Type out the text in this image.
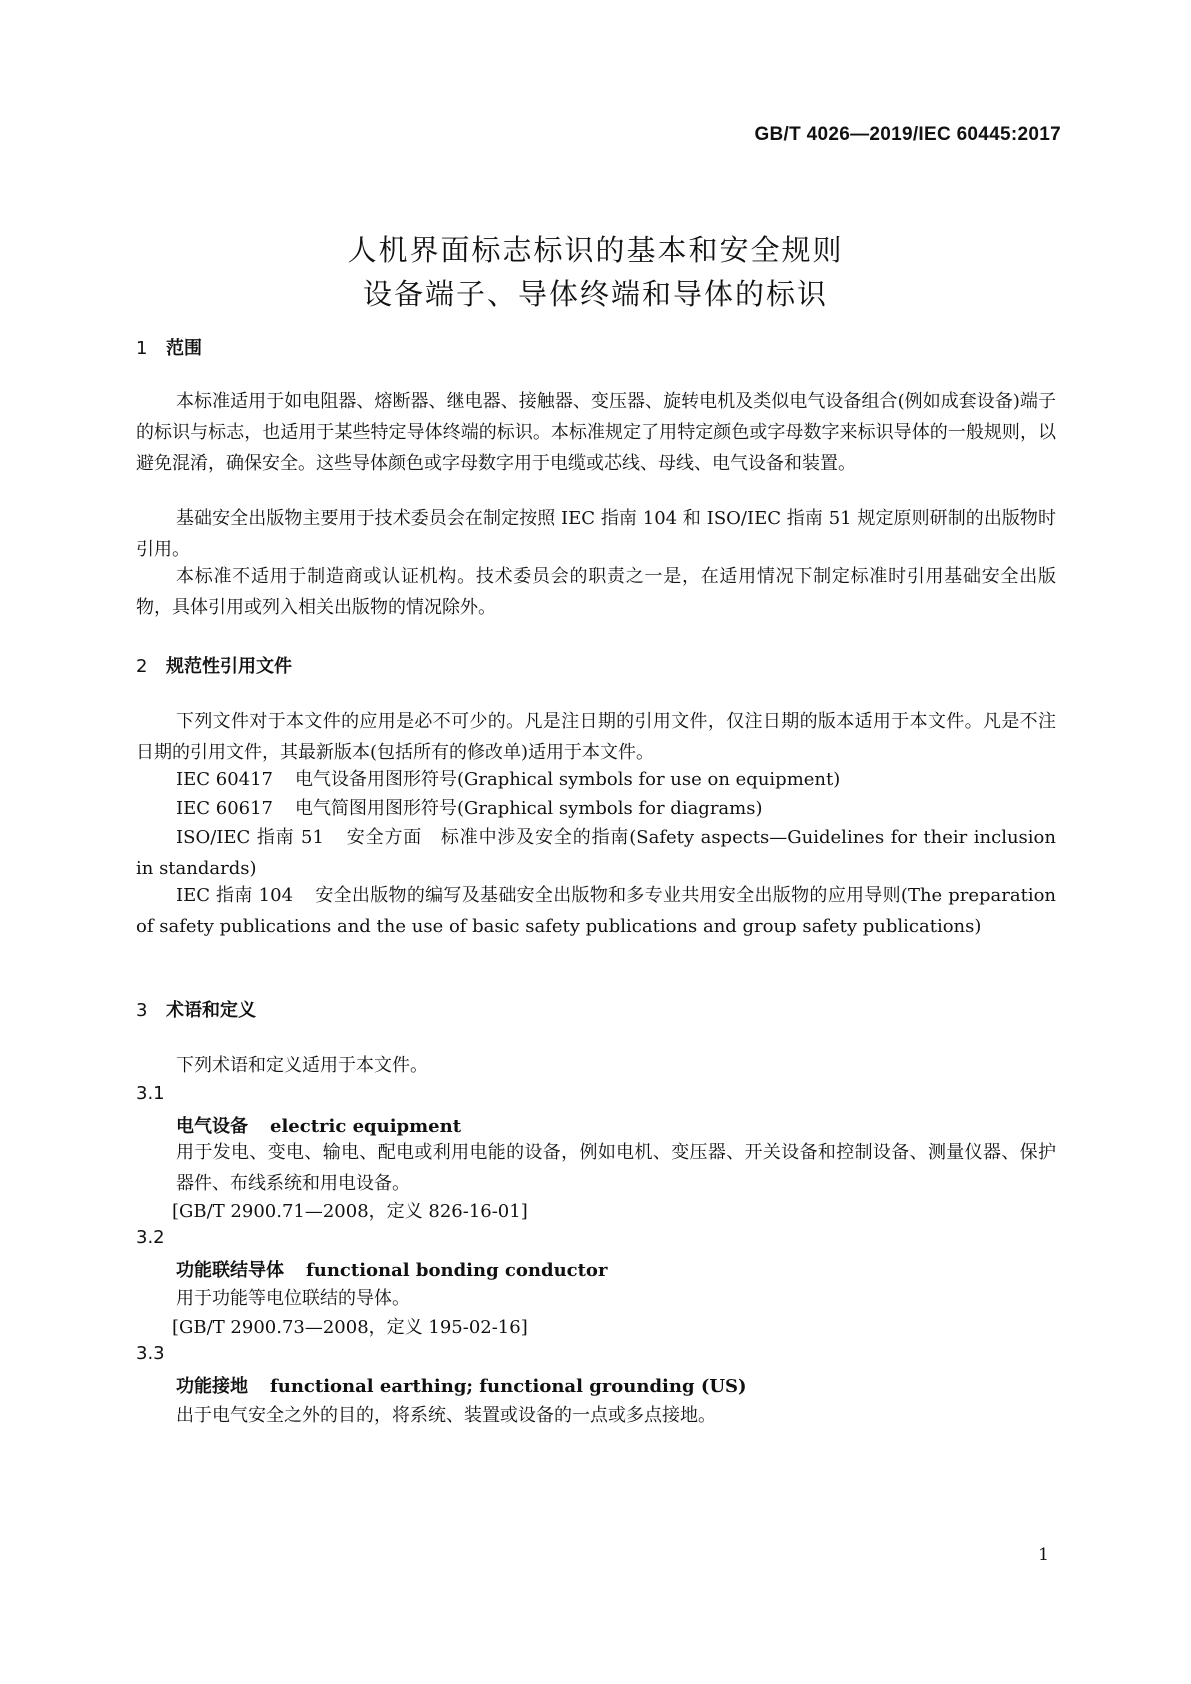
GB/T 4026—2019/IEC 60445:2017
人机界面标志标识的基本和安全规则
设备端子、导体终端和导体的标识
1 范围

本标准适用于如电阻器、熔断器、继电器、接触器、变压器、旋转电机及类似电气设备组合(例如成套设备)端子的标识与标志，也适用于某些特定导体终端的标识。本标准规定了用特定颜色或字母数字来标识导体的一般规则，以避免混淆，确保安全。这些导体颜色或字母数字用于电缆或芯线、母线、电气设备和装置。

基础安全出版物主要用于技术委员会在制定按照 IEC 指南 104 和 ISO/IEC 指南 51 规定原则研制的出版物时引用。

本标准不适用于制造商或认证机构。技术委员会的职责之一是，在适用情况下制定标准时引用基础安全出版物，具体引用或列入相关出版物的情况除外。

2 规范性引用文件

下列文件对于本文件的应用是必不可少的。凡是注日期的引用文件，仅注日期的版本适用于本文件。凡是不注日期的引用文件，其最新版本(包括所有的修改单)适用于本文件。

IEC 60417 电气设备用图形符号(Graphical symbols for use on equipment)

IEC 60617 电气简图用图形符号(Graphical symbols for diagrams)

ISO/IEC 指南 51 安全方面　标准中涉及安全的指南(Safety aspects—Guidelines for their inclusion in standards)

IEC 指南 104 安全出版物的编写及基础安全出版物和多专业共用安全出版物的应用导则(The preparation of safety publications and the use of basic safety publications and group safety publications)

3 术语和定义

下列术语和定义适用于本文件。

3.1
电气设备 electric equipment

用于发电、变电、输电、配电或利用电能的设备，例如电机、变压器、开关设备和控制设备、测量仪器、保护器件、布线系统和用电设备。

[GB/T 2900.71—2008，定义 826-16-01]
3.2
功能联结导体 functional bonding conductor
用于功能等电位联结的导体。
[GB/T 2900.73—2008，定义 195-02-16]
3.3
功能接地 functional earthing; functional grounding (US)
出于电气安全之外的目的，将系统、装置或设备的一点或多点接地。
1
